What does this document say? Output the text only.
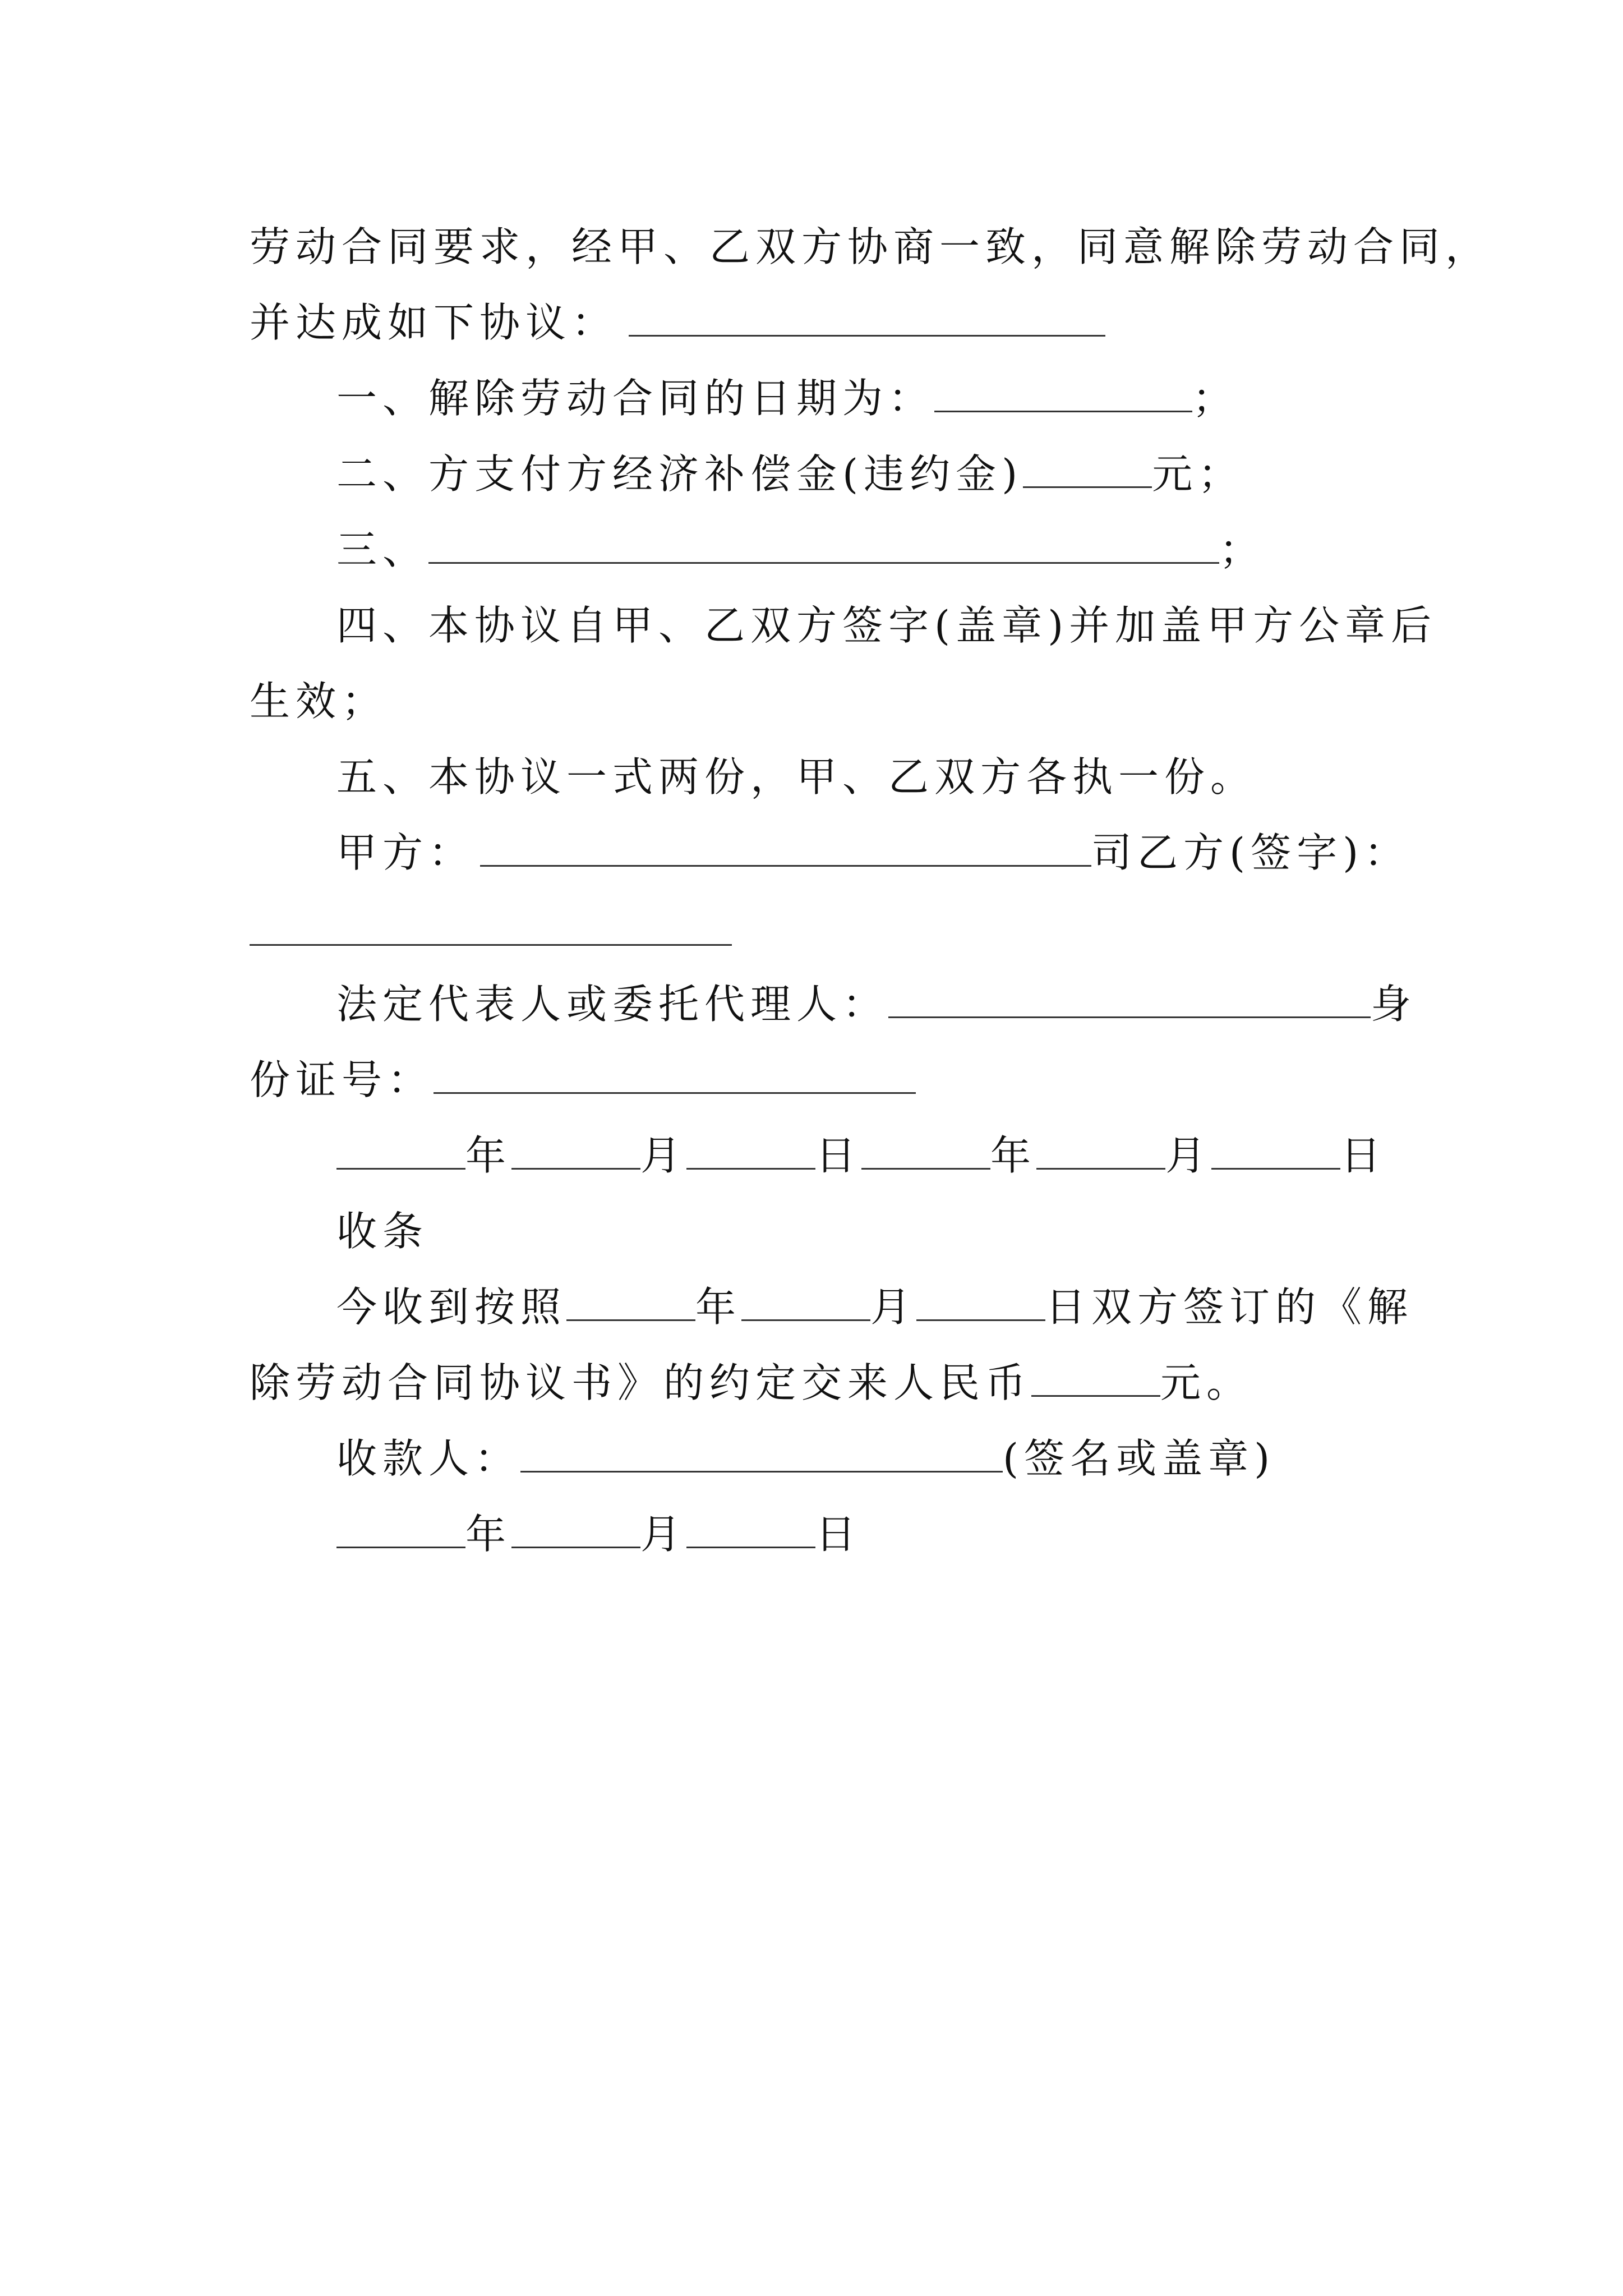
劳动合同要求，经甲、乙双方协商一致，同意解除劳动合同，
并达成如下协议：
一、解除劳动合同的日期为：	；
二、方支付方经济补偿金(违约金)	元；
三、	；
四、本协议自甲、乙双方签字(盖章)并加盖甲方公章后
生效；
五、本协议一式两份，甲、乙双方各执一份。
甲方：	司乙方(签字)：
法定代表人或委托代理人：	身
份证号：
年	月	日	年	月	日
收条
今收到按照	年	月	日双方签订的《解
除劳动合同协议书》的约定交来人民币	元。
收款人：	(签名或盖章)
年	月	日
